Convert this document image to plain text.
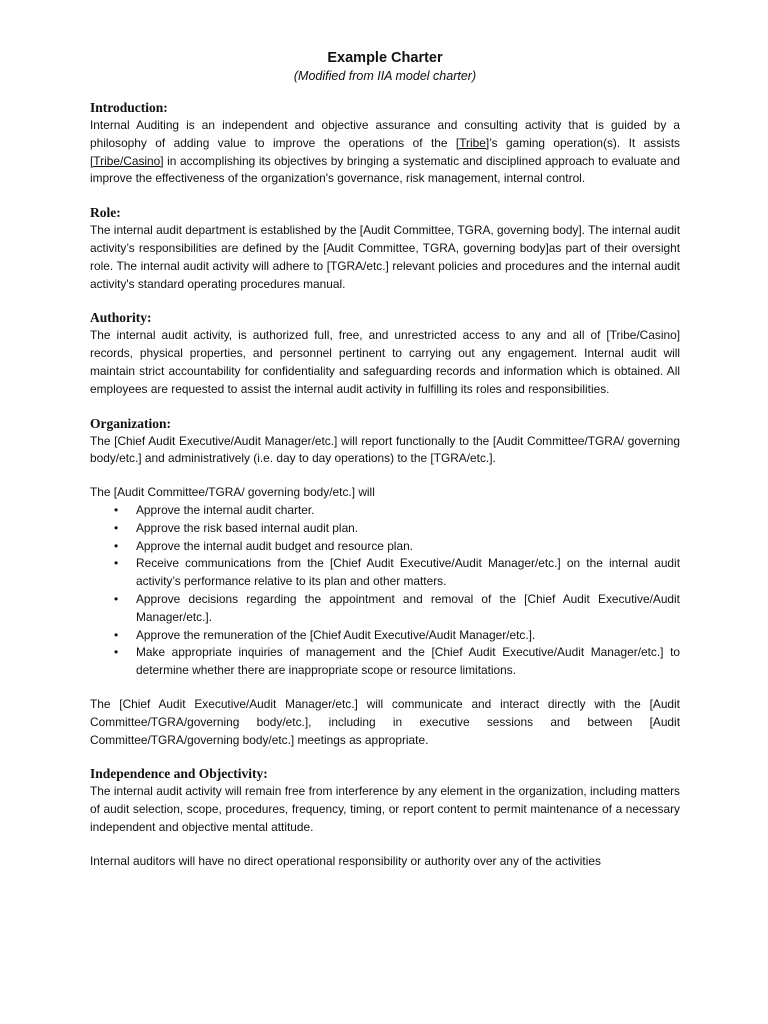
Example Charter
(Modified from IIA model charter)
Introduction:

Internal Auditing is an independent and objective assurance and consulting activity that is guided by a philosophy of adding value to improve the operations of the [Tribe]’s gaming operation(s). It assists [Tribe/Casino] in accomplishing its objectives by bringing a systematic and disciplined approach to evaluate and improve the effectiveness of the organization's governance, risk management, internal control.

Role:

The internal audit department is established by the [Audit Committee, TGRA, governing body]. The internal audit activity’s responsibilities are defined by the [Audit Committee, TGRA, governing body]as part of their oversight role. The internal audit activity will adhere to [TGRA/etc.] relevant policies and procedures and the internal audit activity's standard operating procedures manual.

Authority:

The internal audit activity, is authorized full, free, and unrestricted access to any and all of [Tribe/Casino] records, physical properties, and personnel pertinent to carrying out any engagement. Internal audit will maintain strict accountability for confidentiality and safeguarding records and information which is obtained. All employees are requested to assist the internal audit activity in fulfilling its roles and responsibilities.

Organization:

The [Chief Audit Executive/Audit Manager/etc.] will report functionally to the [Audit Committee/TGRA/ governing body/etc.] and administratively (i.e. day to day operations) to the [TGRA/etc.].

The [Audit Committee/TGRA/ governing body/etc.] will

• Approve the internal audit charter.
• Approve the risk based internal audit plan.
• Approve the internal audit budget and resource plan.
• Receive communications from the [Chief Audit Executive/Audit Manager/etc.] on the internal audit activity’s performance relative to its plan and other matters.
• Approve decisions regarding the appointment and removal of the [Chief Audit Executive/Audit Manager/etc.].
• Approve the remuneration of the [Chief Audit Executive/Audit Manager/etc.].
• Make appropriate inquiries of management and the [Chief Audit Executive/Audit Manager/etc.] to determine whether there are inappropriate scope or resource limitations.

The [Chief Audit Executive/Audit Manager/etc.] will communicate and interact directly with the [Audit Committee/TGRA/governing body/etc.], including in executive sessions and between [Audit Committee/TGRA/governing body/etc.] meetings as appropriate.

Independence and Objectivity:

The internal audit activity will remain free from interference by any element in the organization, including matters of audit selection, scope, procedures, frequency, timing, or report content to permit maintenance of a necessary independent and objective mental attitude.

Internal auditors will have no direct operational responsibility or authority over any of the activities
